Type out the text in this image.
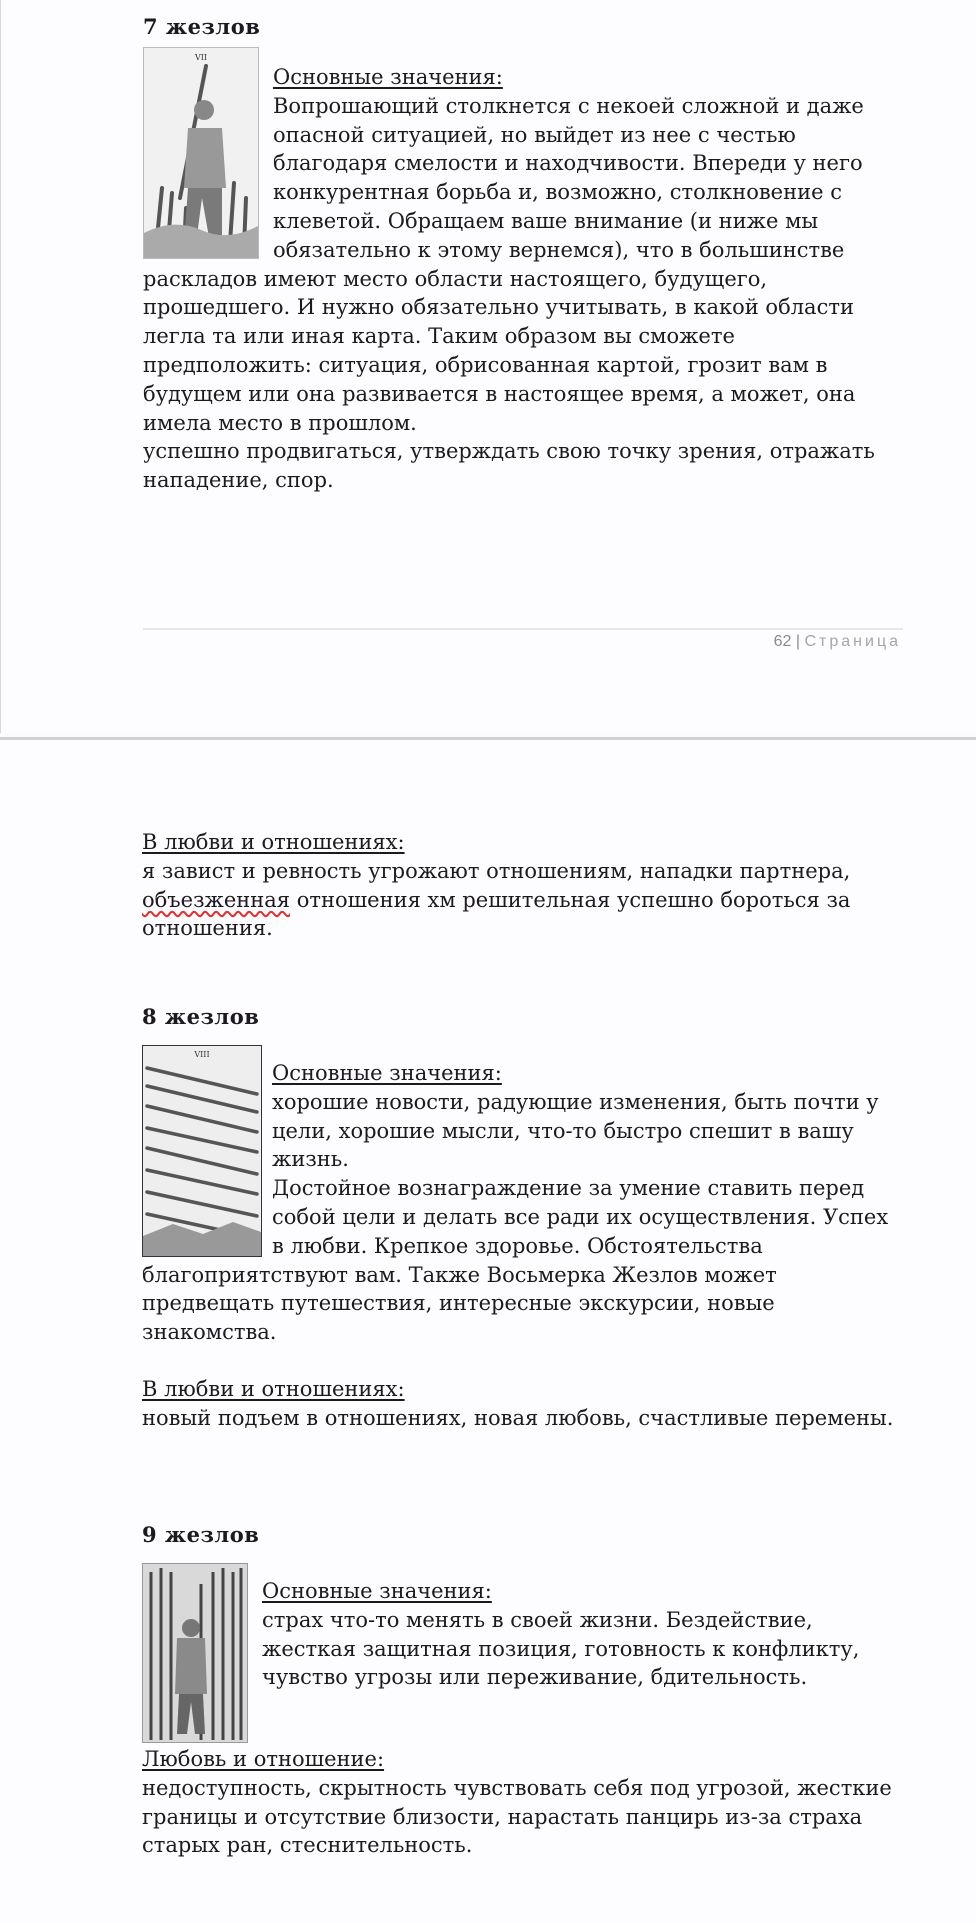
7 жезлов

VII

Основные значения:
Вопрошающий столкнется с некоей сложной и даже опасной ситуацией, но выйдет из нее с честью благодаря смелости и находчивости. Впереди у него конкурентная борьба и, возможно, столкновение с клеветой. Обращаем ваше внимание (и ниже мы обязательно к этому вернемся), что в большинстве раскладов имеют место области настоящего, будущего, прошедшего. И нужно обязательно учитывать, в какой области легла та или иная карта. Таким образом вы сможете предположить: ситуация, обрисованная картой, грозит вам в будущем или она развивается в настоящее время, а может, она имела место в прошлом.

успешно продвигаться, утверждать свою точку зрения, отражать нападение, спор.

62 | Страница

В любви и отношениях:
я завист и ревность угрожают отношениям, нападки партнера, объезженная отношения хм решительная успешно бороться за отношения.

8 жезлов

VIII

Основные значения:
хорошие новости, радующие изменения, быть почти у цели, хорошие мысли, что-то быстро спешит в вашу жизнь.
Достойное вознаграждение за умение ставить перед собой цели и делать все ради их осуществления. Успех в любви. Крепкое здоровье. Обстоятельства благоприятствуют вам. Также Восьмерка Жезлов может предвещать путешествия, интересные экскурсии, новые знакомства.

В любви и отношениях:
новый подъем в отношениях, новая любовь, счастливые перемены.

9 жезлов

Основные значения:
страх что-то менять в своей жизни. Бездействие, жесткая защитная позиция, готовность к конфликту, чувство угрозы или переживание, бдительность.

Любовь и отношение:
недоступность, скрытность чувствовать себя под угрозой, жесткие границы и отсутствие близости, нарастать панцирь из-за страха старых ран, стеснительность.
